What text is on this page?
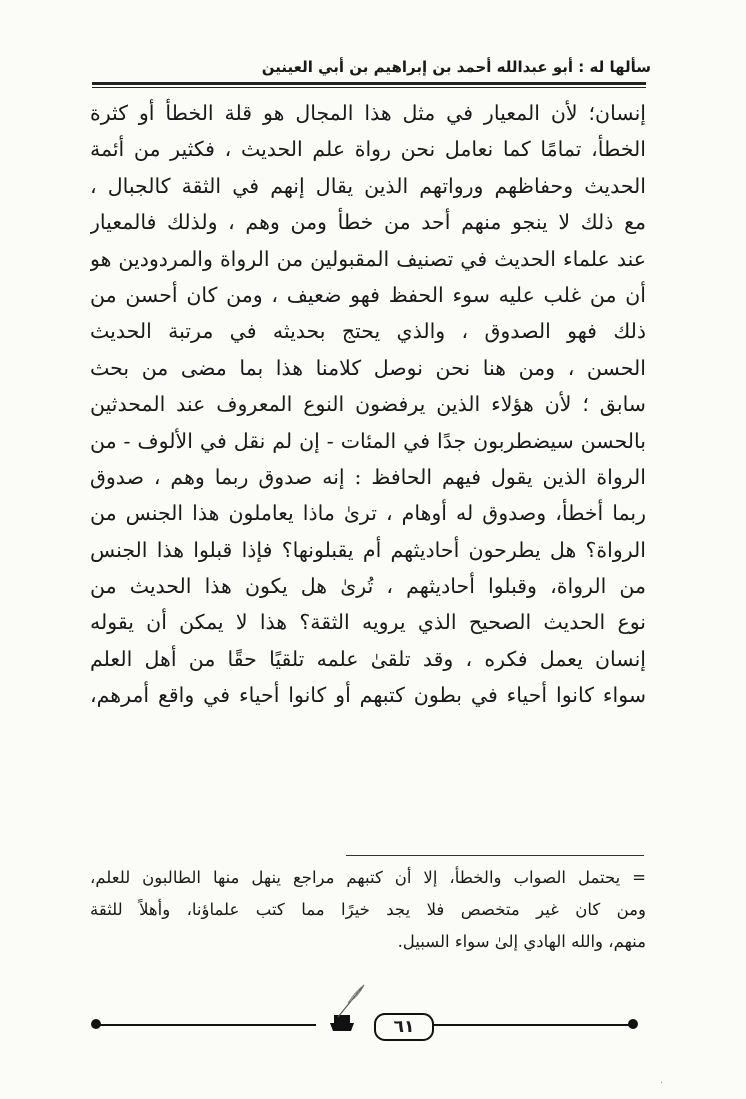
سألها له : أبو عبدالله أحمد بن إبراهيم بن أبي العينين
إنسان؛ لأن المعيار في مثل هذا المجال هو قلة الخطأ أو كثرة
الخطأ، تمامًا كما نعامل نحن رواة علم الحديث ، فكثير من أئمة
الحديث وحفاظهم ورواتهم الذين يقال إنهم في الثقة كالجبال ،
مع ذلك لا ينجو منهم أحد من خطأ ومن وهم ، ولذلك فالمعيار
عند علماء الحديث في تصنيف المقبولين من الرواة والمردودين هو
أن من غلب عليه سوء الحفظ فهو ضعيف ، ومن كان أحسن من
ذلك فهو الصدوق ، والذي يحتج بحديثه في مرتبة الحديث
الحسن ، ومن هنا نحن نوصل كلامنا هذا بما مضى من بحث
سابق ؛ لأن هؤلاء الذين يرفضون النوع المعروف عند المحدثين
بالحسن سيضطربون جدًا في المئات - إن لم نقل في الألوف - من
الرواة الذين يقول فيهم الحافظ : إنه صدوق ربما وهم ، صدوق
ربما أخطأ، وصدوق له أوهام ، ترىٰ ماذا يعاملون هذا الجنس من
الرواة؟ هل يطرحون أحاديثهم أم يقبلونها؟ فإذا قبلوا هذا الجنس
من الرواة، وقبلوا أحاديثهم ، تُرىٰ هل يكون هذا الحديث من
نوع الحديث الصحيح الذي يرويه الثقة؟ هذا لا يمكن أن يقوله
إنسان يعمل فكره ، وقد تلقىٰ علمه تلقيًا حقًا من أهل العلم
سواء كانوا أحياء في بطون كتبهم أو كانوا أحياء في واقع أمرهم،
= يحتمل الصواب والخطأ، إلا أن كتبهم مراجع ينهل منها الطالبون للعلم،
ومن كان غير متخصص فلا يجد خيرًا مما كتب علماؤنا، وأهلاً للثقة
منهم، والله الهادي إلىٰ سواء السبيل.
٦١
·
